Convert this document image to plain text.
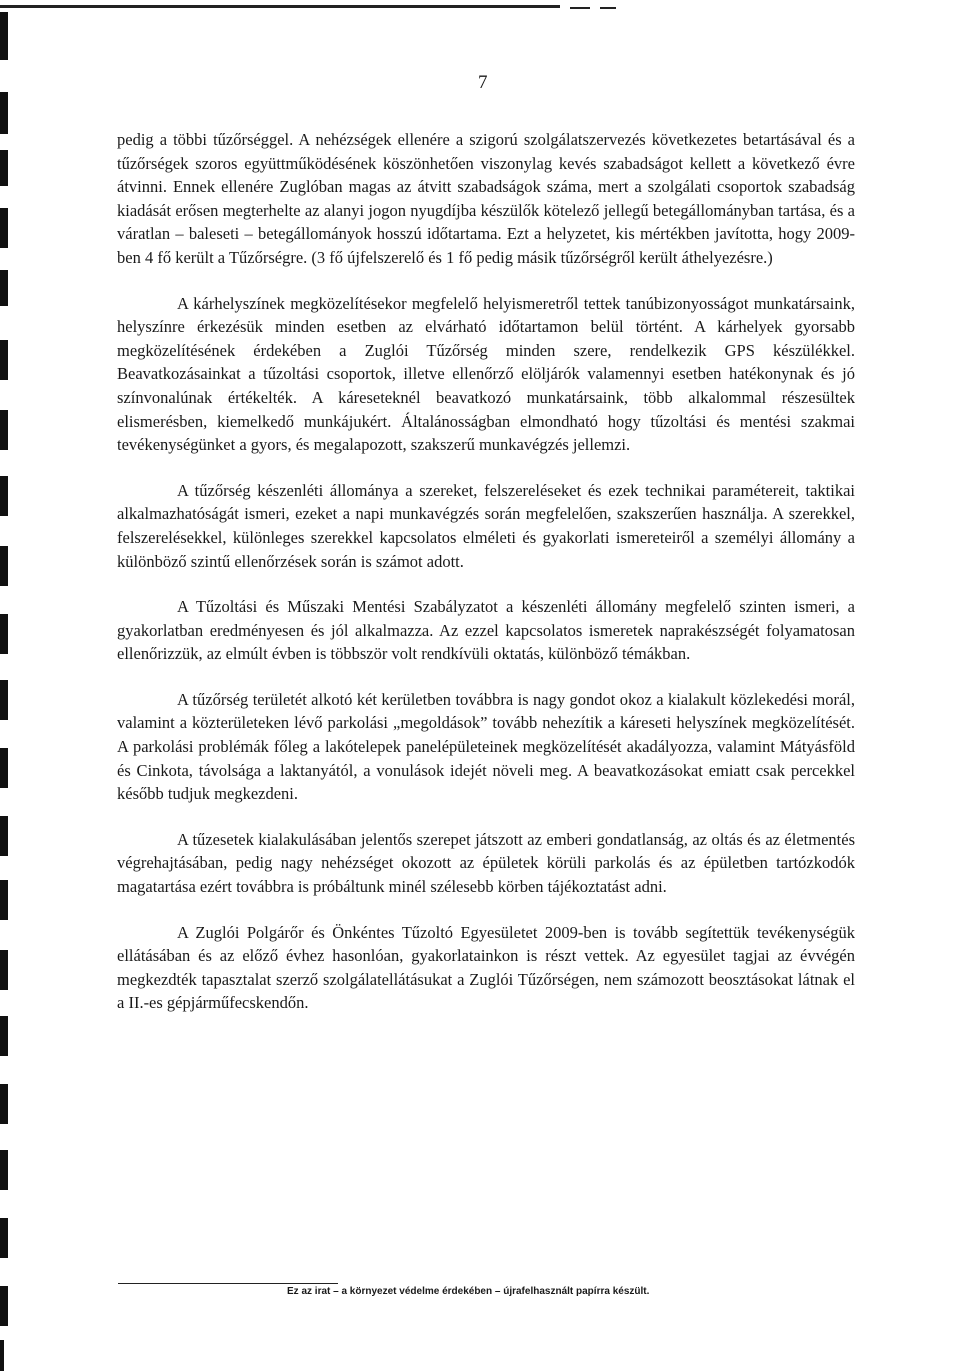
7

pedig a többi tűzőrséggel. A nehézségek ellenére a szigorú szolgálatszervezés következetes betartásával és a tűzőrségek szoros együttműködésének köszönhetően viszonylag kevés szabadságot kellett a következő évre átvinni. Ennek ellenére Zuglóban magas az átvitt szabadságok száma, mert a szolgálati csoportok szabadság kiadását erősen megterhelte az alanyi jogon nyugdíjba készülők kötelező jellegű betegállományban tartása, és a váratlan – baleseti – betegállományok hosszú időtartama. Ezt a helyzetet, kis mértékben javította, hogy 2009-ben 4 fő került a Tűzőrségre. (3 fő újfelszerelő és 1 fő pedig másik tűzőrségről került áthelyezésre.)

A kárhelyszínek megközelítésekor megfelelő helyismeretről tettek tanúbizonyosságot munkatársaink, helyszínre érkezésük minden esetben az elvárható időtartamon belül történt. A kárhelyek gyorsabb megközelítésének érdekében a Zuglói Tűzőrség minden szere, rendelkezik GPS készülékkel. Beavatkozásainkat a tűzoltási csoportok, illetve ellenőrző elöljárók valamennyi esetben hatékonynak és jó színvonalúnak értékelték. A káreseteknél beavatkozó munkatársaink, több alkalommal részesültek elismerésben, kiemelkedő munkájukért. Általánosságban elmondható hogy tűzoltási és mentési szakmai tevékenységünket a gyors, és megalapozott, szakszerű munkavégzés jellemzi.

A tűzőrség készenléti állománya a szereket, felszereléseket és ezek technikai paramétereit, taktikai alkalmazhatóságát ismeri, ezeket a napi munkavégzés során megfelelően, szakszerűen használja. A szerekkel, felszerelésekkel, különleges szerekkel kapcsolatos elméleti és gyakorlati ismereteiről a személyi állomány a különböző szintű ellenőrzések során is számot adott.

A Tűzoltási és Műszaki Mentési Szabályzatot a készenléti állomány megfelelő szinten ismeri, a gyakorlatban eredményesen és jól alkalmazza. Az ezzel kapcsolatos ismeretek naprakészségét folyamatosan ellenőrizzük, az elmúlt évben is többször volt rendkívüli oktatás, különböző témákban.

A tűzőrség területét alkotó két kerületben továbbra is nagy gondot okoz a kialakult közlekedési morál, valamint a közterületeken lévő parkolási „megoldások” tovább nehezítik a káreseti helyszínek megközelítését. A parkolási problémák főleg a lakótelepek panelépületeinek megközelítését akadályozza, valamint Mátyásföld és Cinkota, távolsága a laktanyától, a vonulások idejét növeli meg. A beavatkozásokat emiatt csak percekkel később tudjuk megkezdeni.

A tűzesetek kialakulásában jelentős szerepet játszott az emberi gondatlanság, az oltás és az életmentés végrehajtásában, pedig nagy nehézséget okozott az épületek körüli parkolás és az épületben tartózkodók magatartása ezért továbbra is próbáltunk minél szélesebb körben tájékoztatást adni.

A Zuglói Polgárőr és Önkéntes Tűzoltó Egyesületet 2009-ben is tovább segítettük tevékenységük ellátásában és az előző évhez hasonlóan, gyakorlatainkon is részt vettek. Az egyesület tagjai az évvégén megkezdték tapasztalat szerző szolgálatellátásukat a Zuglói Tűzőrségen, nem számozott beosztásokat látnak el a II.-es gépjárműfecskendőn.

Ez az irat – a környezet védelme érdekében – újrafelhasznált papírra készült.
